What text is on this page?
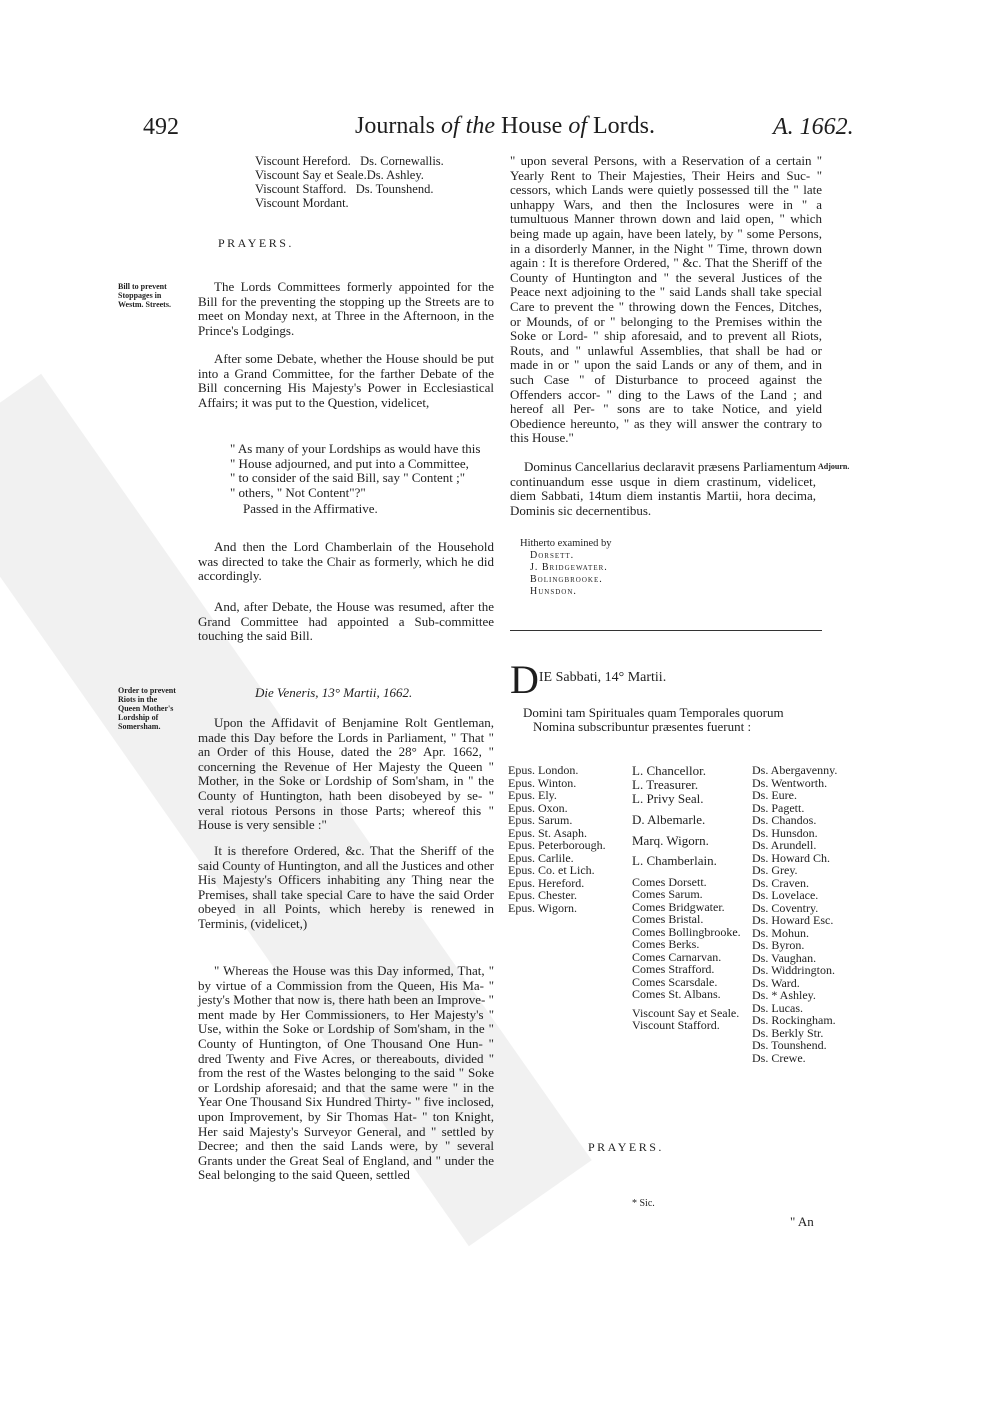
492	Journals of the House of Lords.	A. 1662.
Viscount Hereford.   Ds. Cornewallis.
Viscount Say et Seale.Ds. Ashley.
Viscount Stafford.   Ds. Tounshend.
Viscount Mordant.
PRAYERS.
Bill to prevent Stoppages in Westm. Streets.
Order to prevent Riots in the Queen Mother's Lordship of Somersham.
Adjourn.

The Lords Committees formerly appointed for the Bill for the preventing the stopping up the Streets are to meet on Monday next, at Three in the Afternoon, in the Prince's Lodgings.

After some Debate, whether the House should be put into a Grand Committee, for the farther Debate of the Bill concerning His Majesty's Power in Ecclesiastical Affairs; it was put to the Question, videlicet,

" As many of your Lordships as would have this
" House adjourned, and put into a Committee,
" to consider of the said Bill, say " Content ;"
" others, " Not Content"?"
Passed in the Affirmative.

And then the Lord Chamberlain of the Household was directed to take the Chair as formerly, which he did accordingly.

And, after Debate, the House was resumed, after the Grand Committee had appointed a Sub-committee touching the said Bill.

Die Veneris, 13° Martii, 1662.

Upon the Affidavit of Benjamine Rolt Gentleman, made this Day before the Lords in Parliament, " That " an Order of this House, dated the 28° Apr. 1662, " concerning the Revenue of Her Majesty the Queen " Mother, in the Soke or Lordship of Som'sham, in " the County of Huntington, hath been disobeyed by se- " veral riotous Persons in those Parts; whereof this " House is very sensible :"

It is therefore Ordered, &c. That the Sheriff of the said County of Huntington, and all the Justices and other His Majesty's Officers inhabiting any Thing near the Premises, shall take special Care to have the said Order obeyed in all Points, which hereby is renewed in Terminis, (videlicet,)

" Whereas the House was this Day informed, That, " by virtue of a Commission from the Queen, His Ma- " jesty's Mother that now is, there hath been an Improve- " ment made by Her Commissioners, to Her Majesty's " Use, within the Soke or Lordship of Som'sham, in the " County of Huntington, of One Thousand One Hun- " dred Twenty and Five Acres, or thereabouts, divided " from the rest of the Wastes belonging to the said " Soke or Lordship aforesaid; and that the same were " in the Year One Thousand Six Hundred Thirty- " five inclosed, upon Improvement, by Sir Thomas Hat- " ton Knight, Her said Majesty's Surveyor General, and " settled by Decree; and then the said Lands were, by " several Grants under the Great Seal of England, and " under the Seal belonging to the said Queen, settled

" upon several Persons, with a Reservation of a certain " Yearly Rent to Their Majesties, Their Heirs and Suc- " cessors, which Lands were quietly possessed till the " late unhappy Wars, and then the Inclosures were in " a tumultuous Manner thrown down and laid open, " which being made up again, have been lately, by " some Persons, in a disorderly Manner, in the Night " Time, thrown down again : It is therefore Ordered, " &c. That the Sheriff of the County of Huntington and " the several Justices of the Peace next adjoining to the " said Lands shall take special Care to prevent the " throwing down the Fences, Ditches, or Mounds, of or " belonging to the Premises within the Soke or Lord- " ship aforesaid, and to prevent all Riots, Routs, and " unlawful Assemblies, that shall be had or made in or " upon the said Lands or any of them, and in such Case " of Disturbance to proceed against the Offenders accor- " ding to the Laws of the Land ; and hereof all Per- " sons are to take Notice, and yield Obedience hereunto, " as they will answer the contrary to this House."

Dominus Cancellarius declaravit præsens Parliamentum continuandum esse usque in diem crastinum, videlicet, diem Sabbati, 14tum diem instantis Martii, hora decima, Dominis sic decernentibus.

Hitherto examined by
Dorsett.
J. Bridgewater.
Bolingbrooke.
Hunsdon.
DIE Sabbati, 14° Martii.
Domini tam Spirituales quam Temporales quorum
Nomina subscribuntur præsentes fuerunt :
Epus. London.
Epus. Winton.
Epus. Ely.
Epus. Oxon.
Epus. Sarum.
Epus. St. Asaph.
Epus. Peterborough.
Epus. Carlile.
Epus. Co. et Lich.
Epus. Hereford.
Epus. Chester.
Epus. Wigorn.
L. Chancellor.
L. Treasurer.
L. Privy Seal.
D. Albemarle.
Marq. Wigorn.
L. Chamberlain.
Comes Dorsett.
Comes Sarum.
Comes Bridgwater.
Comes Bristal.
Comes Bollingbrooke.
Comes Berks.
Comes Carnarvan.
Comes Strafford.
Comes Scarsdale.
Comes St. Albans.
Viscount Say et Seale.
Viscount Stafford.
Ds. Abergavenny.
Ds. Wentworth.
Ds. Eure.
Ds. Pagett.
Ds. Chandos.
Ds. Hunsdon.
Ds. Arundell.
Ds. Howard Ch.
Ds. Grey.
Ds. Craven.
Ds. Lovelace.
Ds. Coventry.
Ds. Howard Esc.
Ds. Mohun.
Ds. Byron.
Ds. Vaughan.
Ds. Widdrington.
Ds. Ward.
Ds. * Ashley.
Ds. Lucas.
Ds. Rockingham.
Ds. Berkly Str.
Ds. Tounshend.
Ds. Crewe.
PRAYERS.
* Sic.
" An
